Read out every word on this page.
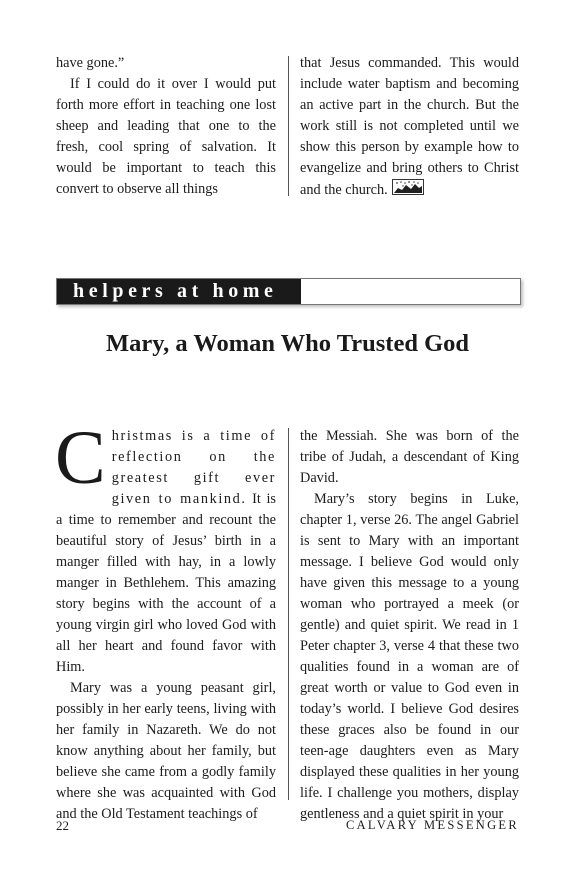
have gone.”

If I could do it over I would put forth more effort in teaching one lost sheep and leading that one to the fresh, cool spring of salvation. It would be important to teach this convert to observe all things

that Jesus commanded. This would include water baptism and becoming an active part in the church. But the work still is not completed until we show this person by example how to evangelize and bring others to Christ and the church.

helpers at home
Mary, a Woman Who Trusted God

Christmas is a time of reflection on the greatest gift ever given to mankind. It is a time to remember and recount the beautiful story of Jesus’ birth in a manger filled with hay, in a lowly manger in Bethlehem. This amazing story begins with the account of a young virgin girl who loved God with all her heart and found favor with Him.

Mary was a young peasant girl, possibly in her early teens, living with her family in Nazareth. We do not know anything about her family, but believe she came from a godly family where she was acquainted with God and the Old Testament teachings of

the Messiah. She was born of the tribe of Judah, a descendant of King David.

Mary’s story begins in Luke, chapter 1, verse 26. The angel Gabriel is sent to Mary with an important message. I believe God would only have given this message to a young woman who portrayed a meek (or gentle) and quiet spirit. We read in 1 Peter chapter 3, verse 4 that these two qualities found in a woman are of great worth or value to God even in today’s world. I believe God desires these graces also be found in our teen-age daughters even as Mary displayed these qualities in her young life. I challenge you mothers, display gentleness and a quiet spirit in your

22	CALVARY MESSENGER
